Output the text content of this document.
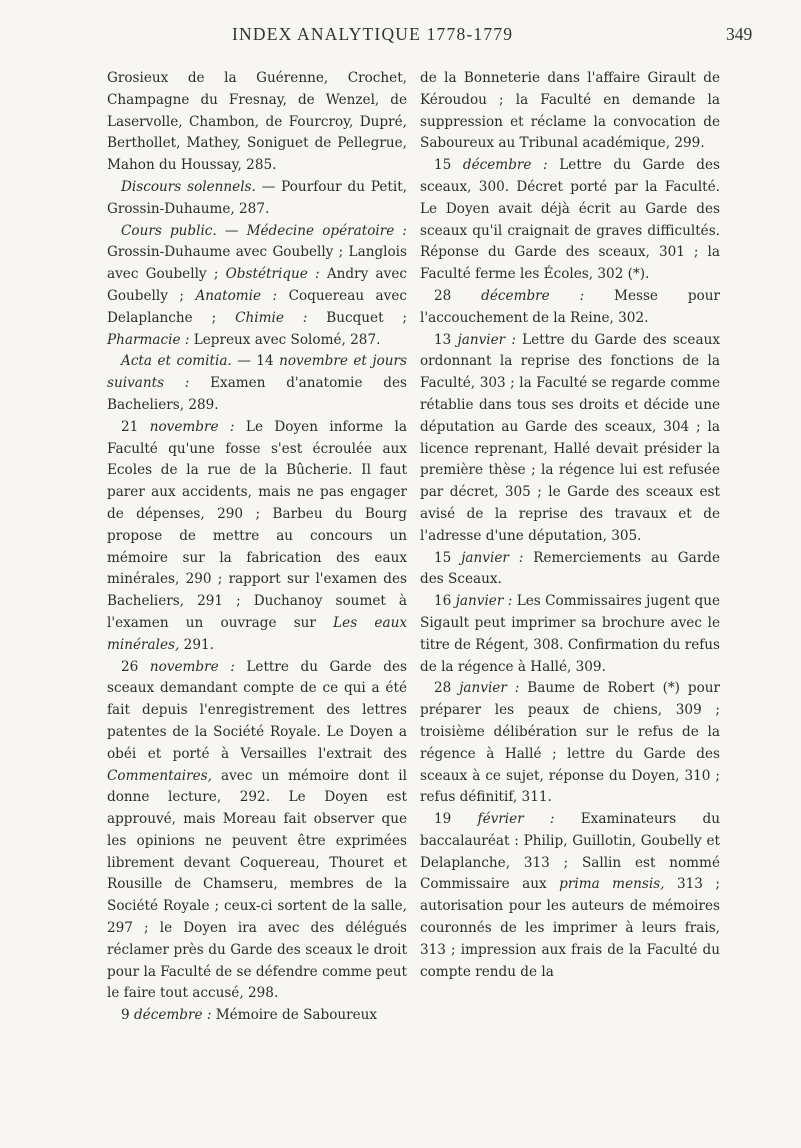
INDEX ANALYTIQUE 1778-1779	349

Grosieux de la Guérenne, Crochet, Champagne du Fresnay, de Wenzel, de Laservolle, Chambon, de Fourcroy, Dupré, Berthollet, Mathey, Soniguet de Pellegrue, Mahon du Houssay, 285.

Discours solennels. — Pourfour du Petit, Grossin-Duhaume, 287.

Cours public. — Médecine opératoire : Grossin-Duhaume avec Goubelly ; Langlois avec Goubelly ; Obstétrique : Andry avec Goubelly ; Anatomie : Coquereau avec Delaplanche ; Chimie : Bucquet ; Pharmacie : Lepreux avec Solomé, 287.

Acta et comitia. — 14 novembre et jours suivants : Examen d'anatomie des Bacheliers, 289.

21 novembre : Le Doyen informe la Faculté qu'une fosse s'est écroulée aux Ecoles de la rue de la Bûcherie. Il faut parer aux accidents, mais ne pas engager de dépenses, 290 ; Barbeu du Bourg propose de mettre au concours un mémoire sur la fabrication des eaux minérales, 290 ; rapport sur l'examen des Bacheliers, 291 ; Duchanoy soumet à l'examen un ouvrage sur Les eaux minérales, 291.

26 novembre : Lettre du Garde des sceaux demandant compte de ce qui a été fait depuis l'enregistrement des lettres patentes de la Société Royale. Le Doyen a obéi et porté à Versailles l'extrait des Commentaires, avec un mémoire dont il donne lecture, 292. Le Doyen est approuvé, mais Moreau fait observer que les opinions ne peuvent être exprimées librement devant Coquereau, Thouret et Rousille de Chamseru, membres de la Société Royale ; ceux-ci sortent de la salle, 297 ; le Doyen ira avec des délégués réclamer près du Garde des sceaux le droit pour la Faculté de se défendre comme peut le faire tout accusé, 298.

9 décembre : Mémoire de Saboureux

de la Bonneterie dans l'affaire Girault de Kéroudou ; la Faculté en demande la suppression et réclame la convocation de Saboureux au Tribunal académique, 299.

15 décembre : Lettre du Garde des sceaux, 300. Décret porté par la Faculté. Le Doyen avait déjà écrit au Garde des sceaux qu'il craignait de graves difficultés. Réponse du Garde des sceaux, 301 ; la Faculté ferme les Écoles, 302 (*).

28 décembre : Messe pour l'accouchement de la Reine, 302.

13 janvier : Lettre du Garde des sceaux ordonnant la reprise des fonctions de la Faculté, 303 ; la Faculté se regarde comme rétablie dans tous ses droits et décide une députation au Garde des sceaux, 304 ; la licence reprenant, Hallé devait présider la première thèse ; la régence lui est refusée par décret, 305 ; le Garde des sceaux est avisé de la reprise des travaux et de l'adresse d'une députation, 305.

15 janvier : Remerciements au Garde des Sceaux.

16 janvier : Les Commissaires jugent que Sigault peut imprimer sa brochure avec le titre de Régent, 308. Confirmation du refus de la régence à Hallé, 309.

28 janvier : Baume de Robert (*) pour préparer les peaux de chiens, 309 ; troisième délibération sur le refus de la régence à Hallé ; lettre du Garde des sceaux à ce sujet, réponse du Doyen, 310 ; refus définitif, 311.

19 février : Examinateurs du baccalauréat : Philip, Guillotin, Goubelly et Delaplanche, 313 ; Sallin est nommé Commissaire aux prima mensis, 313 ; autorisation pour les auteurs de mémoires couronnés de les imprimer à leurs frais, 313 ; impression aux frais de la Faculté du compte rendu de la
